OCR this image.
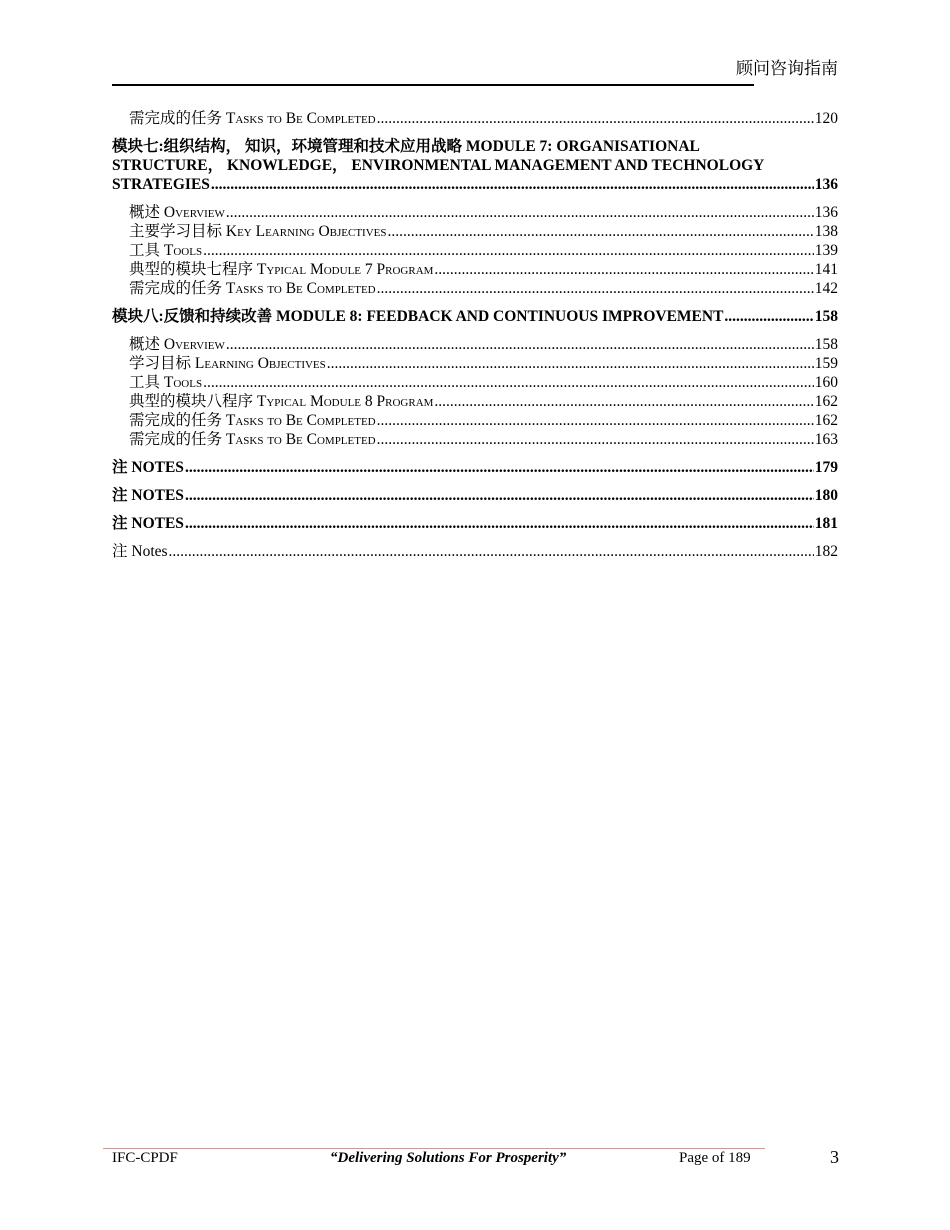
顾问咨询指南
需完成的任务 Tasks to Be Completed .....	120
模块七:组织结构， 知识，环境管理和技术应用战略 MODULE 7: ORGANISATIONAL
STRUCTURE， KNOWLEDGE， ENVIRONMENTAL MANAGEMENT AND TECHNOLOGY
STRATEGIES .....	136
概述 Overview .....	136
主要学习目标 Key Learning Objectives .....	138
工具 Tools .....	139
典型的模块七程序 Typical Module 7 Program .....	141
需完成的任务 Tasks to Be Completed .....	142
模块八:反馈和持续改善 MODULE 8: FEEDBACK AND CONTINUOUS IMPROVEMENT .....	158
概述 Overview .....	158
学习目标 Learning Objectives .....	159
工具 Tools .....	160
典型的模块八程序 Typical Module 8 Program .....	162
需完成的任务 Tasks to Be Completed .....	162
需完成的任务 Tasks to Be Completed .....	163
注 NOTES .....	179
注 NOTES .....	180
注 NOTES .....	181
注 Notes .....	182
IFC-CPDF	“Delivering Solutions For Prosperity”	Page of 189	3
